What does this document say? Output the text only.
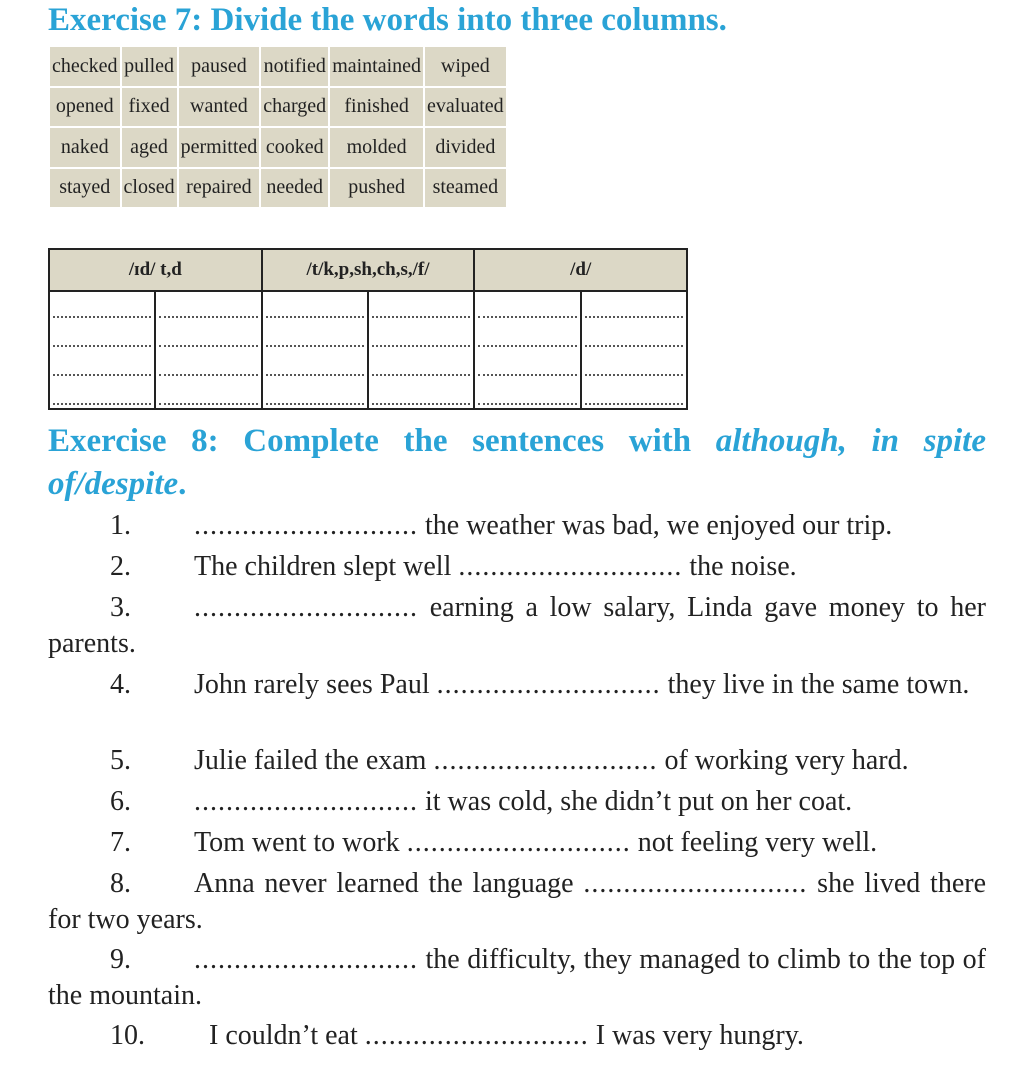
Exercise 7: Divide the words into three columns.
checked	pulled	paused	notified	maintained	wiped
opened	fixed	wanted	charged	finished	evaluated
naked	aged	permitted	cooked	molded	divided
stayed	closed	repaired	needed	pushed	steamed
/ɪd/ t,d		/t/k,p,sh,ch,s,/f/		/d/	

Exercise 8: Complete the sentences with although, in spite of/despite.
1.	............................ the weather was bad, we enjoyed our trip.
2.	The children slept well ............................ the noise.
3.	............................ earning a low salary, Linda gave money to her parents.
4.	John rarely sees Paul ............................ they live in the same town.
5.	Julie failed the exam ............................ of working very hard.
6.	............................ it was cold, she didn’t put on her coat.
7.	Tom went to work ............................ not feeling very well.
8.	Anna never learned the language ............................ she lived there for two years.
9.	............................ the difficulty, they managed to climb to the top of the mountain.
10.	I couldn’t eat ............................ I was very hungry.
